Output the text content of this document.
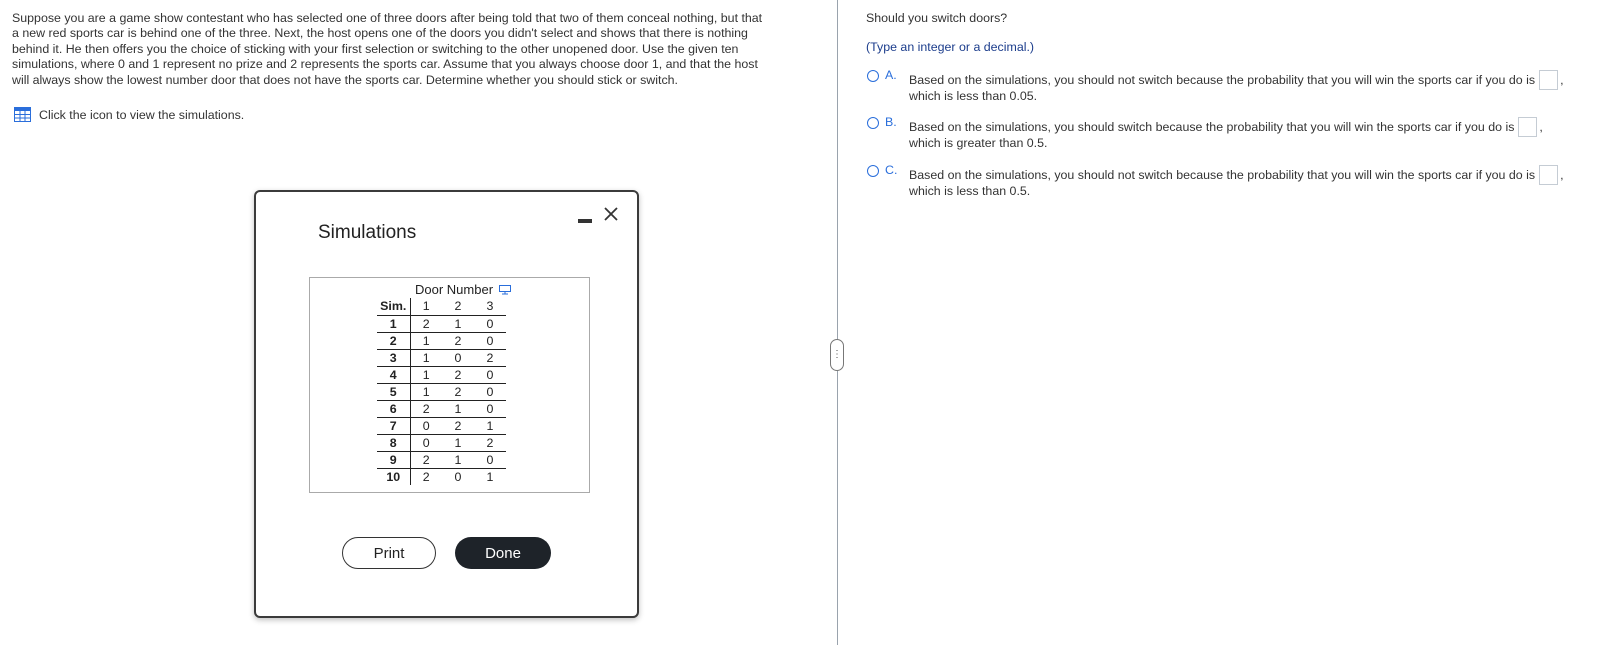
Suppose you are a game show contestant who has selected one of three doors after being told that two of them conceal nothing, but that
a new red sports car is behind one of the three. Next, the host opens one of the doors you didn't select and shows that there is nothing
behind it. He then offers you the choice of sticking with your first selection or switching to the other unopened door. Use the given ten
simulations, where 0 and 1 represent no prize and 2 represents the sports car. Assume that you always choose door 1, and that the host
will always show the lowest number door that does not have the sports car. Determine whether you should stick or switch.
Click the icon to view the simulations.
⋮
Should you switch doors?
(Type an integer or a decimal.)
A. Based on the simulations, you should not switch because the probability that you will win the sports car if you do is ,
which is less than 0.05.
B. Based on the simulations, you should switch because the probability that you will win the sports car if you do is ,
which is greater than 0.5.
C. Based on the simulations, you should not switch because the probability that you will win the sports car if you do is ,
which is less than 0.5.
Simulations
Door Number
Sim.	1	2	3
1	2	1	0
2	1	2	0
3	1	0	2
4	1	2	0
5	1	2	0
6	2	1	0
7	0	2	1
8	0	1	2
9	2	1	0
10	2	0	1
Print	Done
